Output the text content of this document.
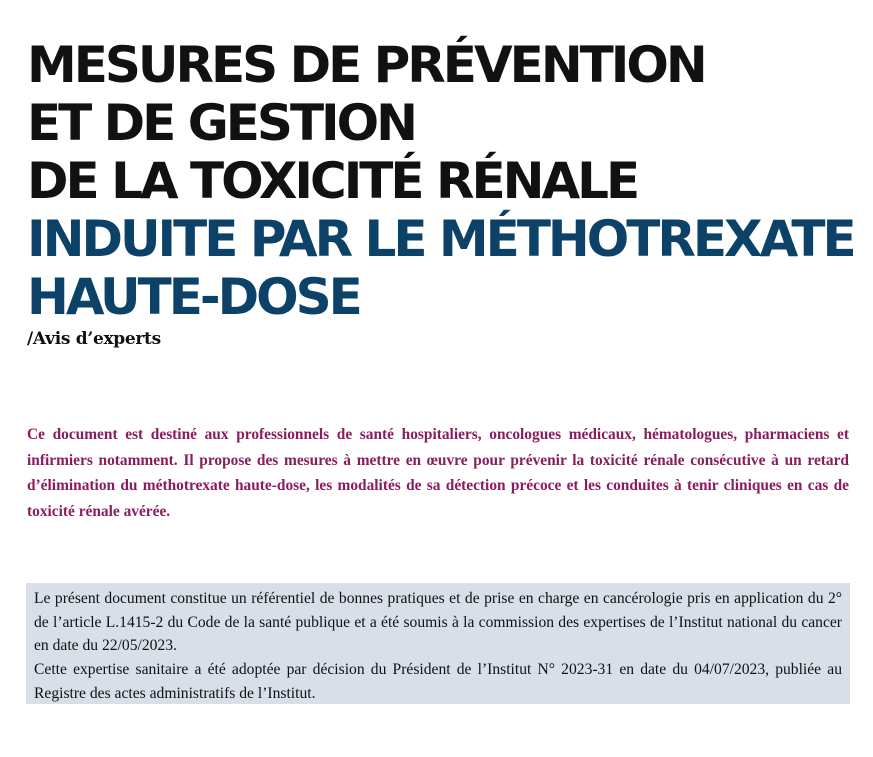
MESURES DE PRÉVENTION
ET DE GESTION
DE LA TOXICITÉ RÉNALE
INDUITE PAR LE MÉTHOTREXATE
HAUTE-DOSE

/Avis d’experts

Ce document est destiné aux professionnels de santé hospitaliers, oncologues médicaux, hématologues, pharmaciens et infirmiers notamment. Il propose des mesures à mettre en œuvre pour prévenir la toxicité rénale consécutive à un retard d’élimination du méthotrexate haute-dose, les modalités de sa détection précoce et les conduites à tenir cliniques en cas de toxicité rénale avérée.

Le présent document constitue un référentiel de bonnes pratiques et de prise en charge en cancérologie pris en application du 2° de l’article L.1415-2 du Code de la santé publique et a été soumis à la commission des expertises de l’Institut national du cancer en date du 22/05/2023.

Cette expertise sanitaire a été adoptée par décision du Président de l’Institut N° 2023-31 en date du 04/07/2023, publiée au Registre des actes administratifs de l’Institut.
